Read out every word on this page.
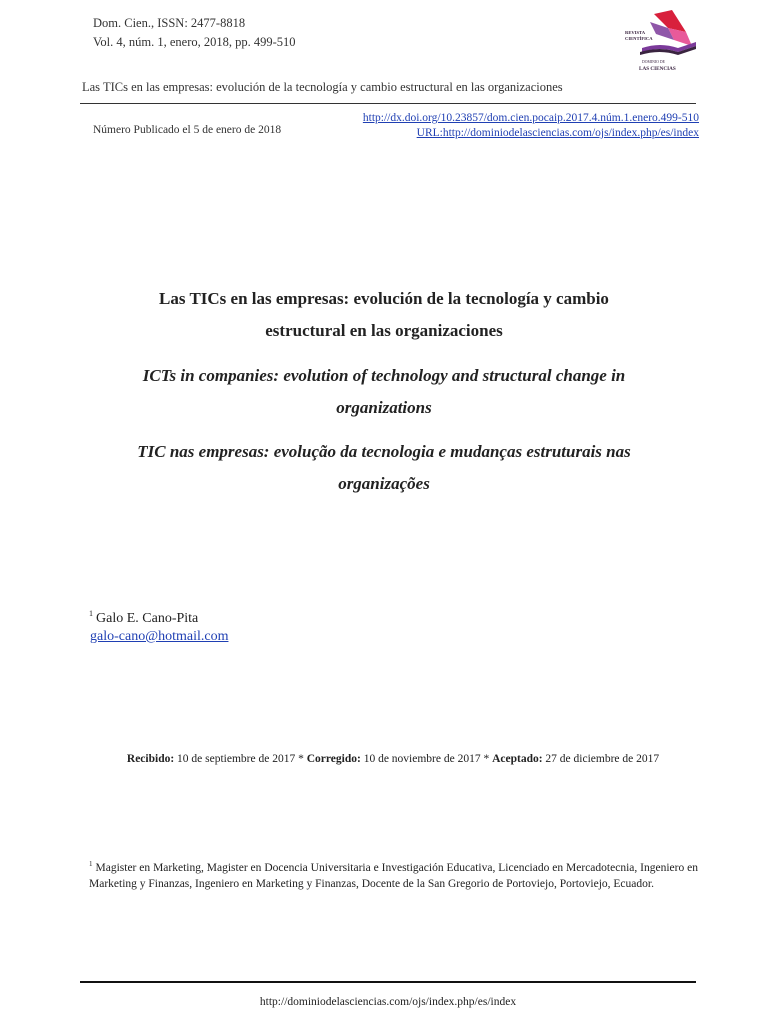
Dom. Cien., ISSN: 2477-8818
Vol. 4, núm. 1, enero, 2018, pp. 499-510
REVISTA
CIENTÍFICA
DOMINIO DE
LAS CIENCIAS
Las TICs en las empresas: evolución de la tecnología y cambio estructural en las organizaciones
Número Publicado el 5 de enero de 2018
http://dx.doi.org/10.23857/dom.cien.pocaip.2017.4.núm.1.enero.499-510
URL:http://dominiodelasciencias.com/ojs/index.php/es/index
Las TICs en las empresas: evolución de la tecnología y cambio
estructural en las organizaciones
ICTs in companies: evolution of technology and structural change in
organizations
TIC nas empresas: evolução da tecnologia e mudanças estruturais nas
organizações
$^1$ Galo E. Cano-Pita
galo-cano@hotmail.com
Recibido: 10 de septiembre de 2017 * Corregido: 10 de noviembre de 2017 * Aceptado: 27 de diciembre de 2017
$^1$ Magister en Marketing, Magister en Docencia Universitaria e Investigación Educativa, Licenciado en Mercadotecnia, Ingeniero en Marketing y Finanzas, Ingeniero en Marketing y Finanzas, Docente de la San Gregorio de Portoviejo, Portoviejo, Ecuador.
http://dominiodelasciencias.com/ojs/index.php/es/index
